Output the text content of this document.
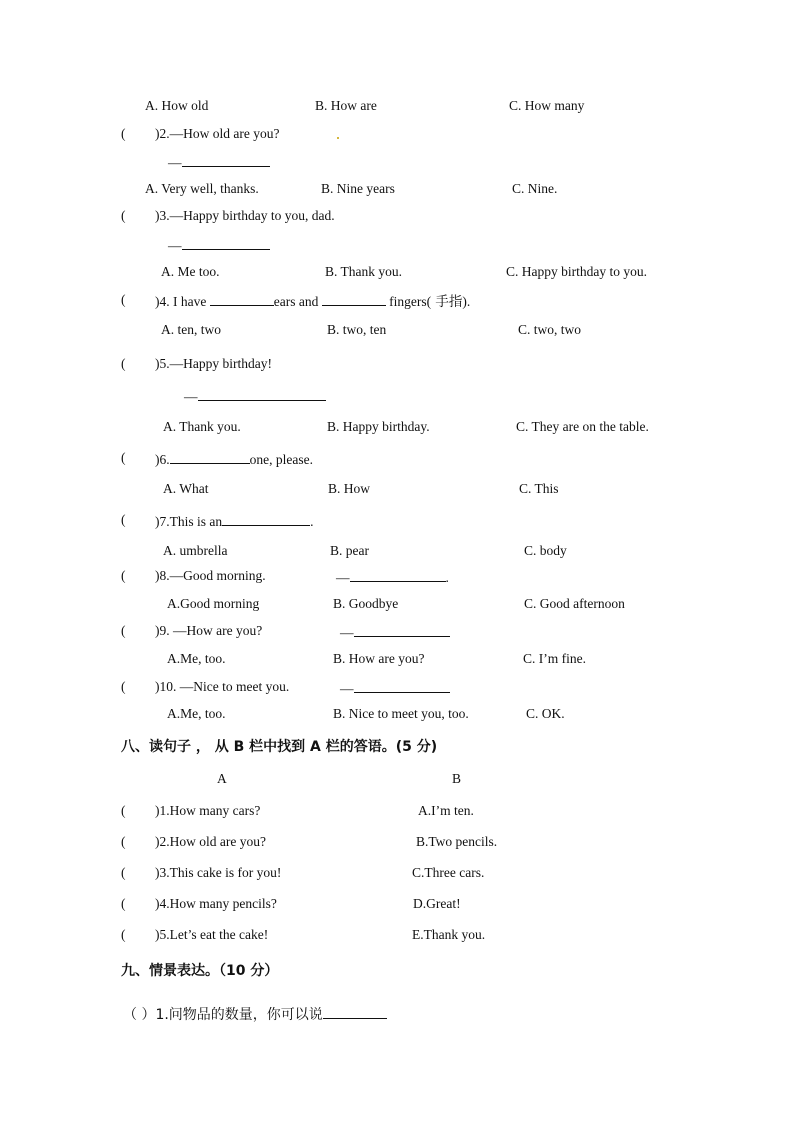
A. How old	B. How are	C. How many
( )2.—How old are you?
—
A. Very well, thanks.	B. Nine years	C. Nine.
( )3.—Happy birthday to you, dad.
—
A. Me too.	B. Thank you.	C. Happy birthday to you.
( )4. I have	ears and	fingers( 手指).
A. ten, two	B. two, ten	C. two, two
( )5.—Happy birthday!
—
A. Thank you.	B. Happy birthday.	C. They are on the table.
( )6.	one, please.
A. What	B. How	C. This
( )7.This is an	.
A. umbrella	B. pear	C. body
( )8.—Good morning.	—	.
A.Good morning	B. Goodbye	C. Good afternoon
( )9. —How are you?	—
A.Me, too.	B. How are you?	C. I’m fine.
( )10. —Nice to meet you.	—
A.Me, too.	B. Nice to meet you, too.	C. OK.
八、读句子 ， 从 B 栏中找到 A 栏的答语。(5 分)
A	B
( )1.How many cars?	A.I’m ten.
( )2.How old are you?	B.Two pencils.
( )3.This cake is for you!	C.Three cars.
( )4.How many pencils?	D.Great!
( )5.Let’s eat the cake!	E.Thank you.
九、情景表达。（10 分）
（ ）1.问物品的数量，你可以说
